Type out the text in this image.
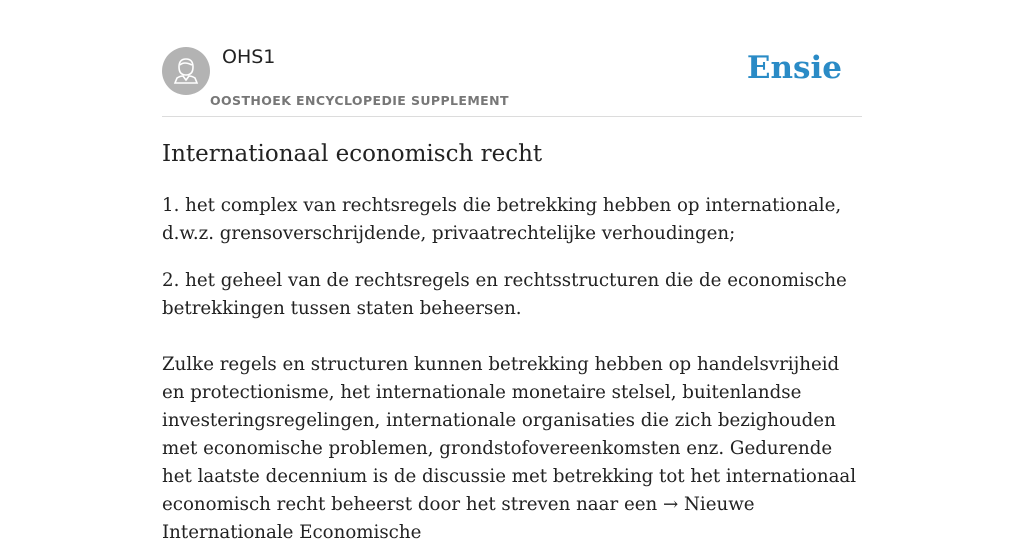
OHS1
OOSTHOEK ENCYCLOPEDIE SUPPLEMENT
Ensie
Internationaal economisch recht

1. het complex van rechtsregels die betrekking hebben op internationale, d.w.z. grensoverschrijdende, privaatrechtelijke verhoudingen;

2. het geheel van de rechtsregels en rechtsstructuren die de economische betrekkingen tussen staten beheersen.

Zulke regels en structuren kunnen betrekking hebben op handelsvrijheid en protectionisme, het internationale monetaire stelsel, buitenlandse investeringsregelingen, internationale organisaties die zich bezighouden met economische problemen, grondstofovereenkomsten enz. Gedurende het laatste decennium is de discussie met betrekking tot het internationaal economisch recht beheerst door het streven naar een → Nieuwe Internationale Economische
